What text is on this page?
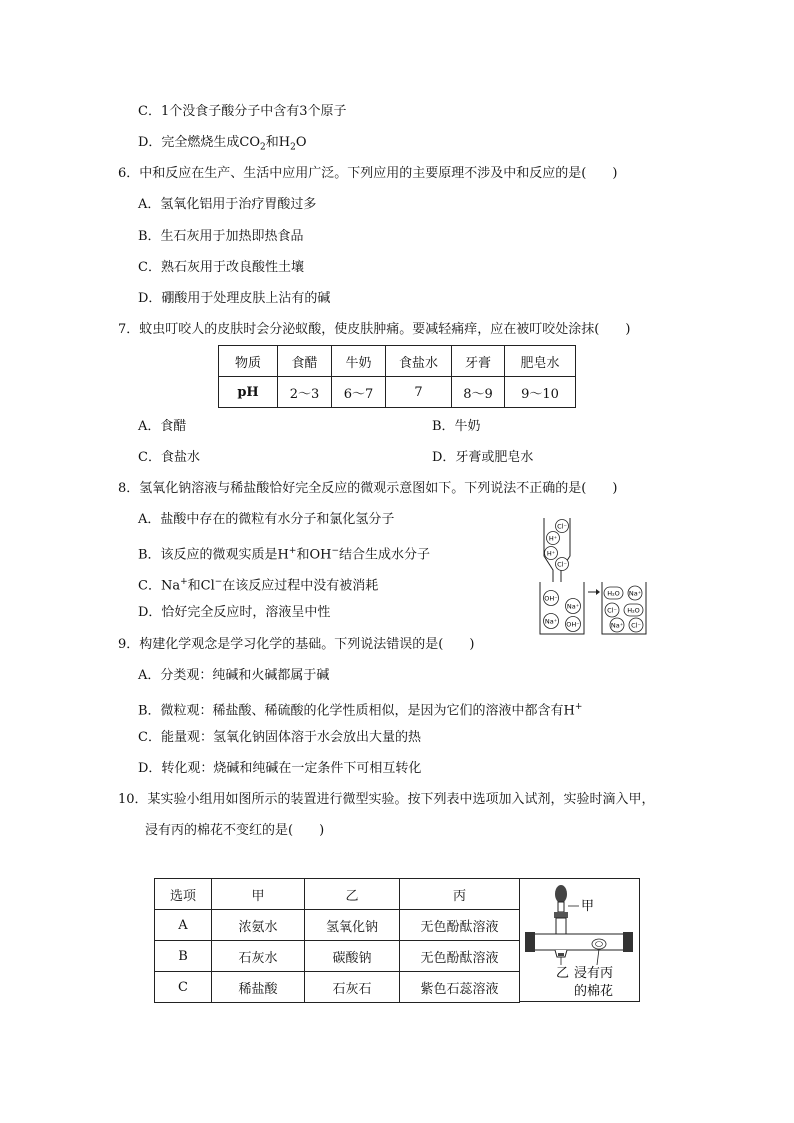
C．1个没食子酸分子中含有3个原子
D．完全燃烧生成$CO_2$和$H_2O$
6．中和反应在生产、生活中应用广泛。下列应用的主要原理不涉及中和反应的是(　　)
A．氢氧化铝用于治疗胃酸过多
B．生石灰用于加热即热食品
C．熟石灰用于改良酸性土壤
D．硼酸用于处理皮肤上沾有的碱
7．蚊虫叮咬人的皮肤时会分泌蚁酸，使皮肤肿痛。要减轻痛痒，应在被叮咬处涂抹(　　)
物质	食醋	牛奶	食盐水	牙膏	肥皂水
pH	2～3	6～7	7	8～9	9～10
A．食醋	B．牛奶
C．食盐水	D．牙膏或肥皂水
8．氢氧化钠溶液与稀盐酸恰好完全反应的微观示意图如下。下列说法不正确的是(　　)
A．盐酸中存在的微粒有水分子和氯化氢分子
B．该反应的微观实质是H+和OH−结合生成水分子
C．Na+和Cl−在该反应过程中没有被消耗
D．恰好完全反应时，溶液呈中性
Cl⁻
H⁺
H⁺
Cl⁻
OH⁻
Na⁺
Na⁺ OH⁻
H₂O Na⁺
Cl⁻ H₂O
Na⁺ Cl⁻
9．构建化学观念是学习化学的基础。下列说法错误的是(　　)
A．分类观：纯碱和火碱都属于碱
B．微粒观：稀盐酸、稀硫酸的化学性质相似，是因为它们的溶液中都含有H+
C．能量观：氢氧化钠固体溶于水会放出大量的热
D．转化观：烧碱和纯碱在一定条件下可相互转化
10．某实验小组用如图所示的装置进行微型实验。按下列表中选项加入试剂，实验时滴入甲，
浸有丙的棉花不变红的是(　　)
选项	甲	乙	丙
A	浓氨水	氢氧化钠	无色酚酞溶液
B	石灰水	碳酸钠	无色酚酞溶液
C	稀盐酸	石灰石	紫色石蕊溶液
甲
乙 浸有丙
的棉花
